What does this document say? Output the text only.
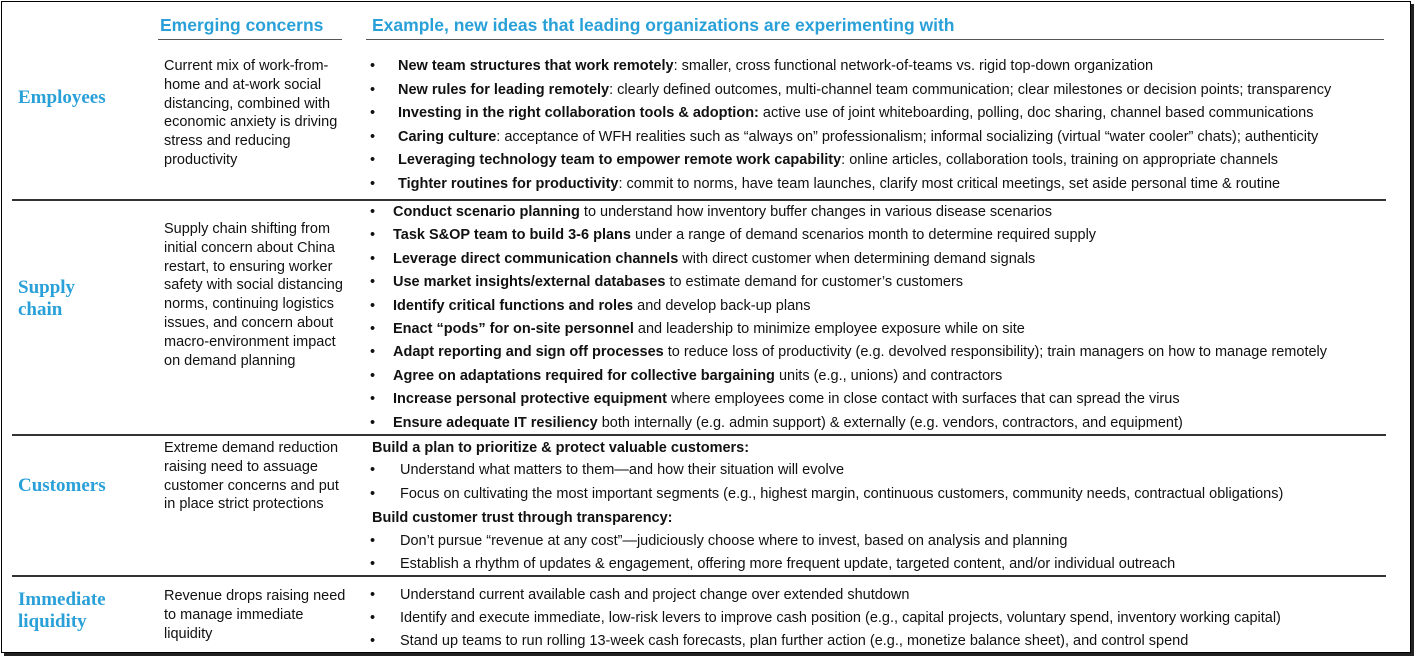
Emerging concerns	Example, new ideas that leading organizations are experimenting with
Employees
Current mix of work-from-home and at-work social distancing, combined with economic anxiety is driving stress and reducing productivity
• New team structures that work remotely: smaller, cross functional network-of-teams vs. rigid top-down organization
• New rules for leading remotely: clearly defined outcomes, multi-channel team communication; clear milestones or decision points; transparency
• Investing in the right collaboration tools & adoption: active use of joint whiteboarding, polling, doc sharing, channel based communications
• Caring culture: acceptance of WFH realities such as “always on” professionalism; informal socializing (virtual “water cooler” chats); authenticity
• Leveraging technology team to empower remote work capability: online articles, collaboration tools, training on appropriate channels
• Tighter routines for productivity: commit to norms, have team launches, clarify most critical meetings, set aside personal time & routine
Supply
chain
Supply chain shifting from initial concern about China restart, to ensuring worker safety with social distancing norms, continuing logistics issues, and concern about macro-environment impact on demand planning
• Conduct scenario planning to understand how inventory buffer changes in various disease scenarios
• Task S&OP team to build 3-6 plans under a range of demand scenarios month to determine required supply
• Leverage direct communication channels with direct customer when determining demand signals
• Use market insights/external databases to estimate demand for customer’s customers
• Identify critical functions and roles and develop back-up plans
• Enact “pods” for on-site personnel and leadership to minimize employee exposure while on site
• Adapt reporting and sign off processes to reduce loss of productivity (e.g. devolved responsibility); train managers on how to manage remotely
• Agree on adaptations required for collective bargaining units (e.g., unions) and contractors
• Increase personal protective equipment where employees come in close contact with surfaces that can spread the virus
• Ensure adequate IT resiliency both internally (e.g. admin support) & externally (e.g. vendors, contractors, and equipment)
Customers
Extreme demand reduction raising need to assuage customer concerns and put in place strict protections
Build a plan to prioritize & protect valuable customers:
• Understand what matters to them—and how their situation will evolve
• Focus on cultivating the most important segments (e.g., highest margin, continuous customers, community needs, contractual obligations)
Build customer trust through transparency:
• Don’t pursue “revenue at any cost”—judiciously choose where to invest, based on analysis and planning
• Establish a rhythm of updates & engagement, offering more frequent update, targeted content, and/or individual outreach
Immediate
liquidity
Revenue drops raising need to manage immediate liquidity
• Understand current available cash and project change over extended shutdown
• Identify and execute immediate, low-risk levers to improve cash position (e.g., capital projects, voluntary spend, inventory working capital)
• Stand up teams to run rolling 13-week cash forecasts, plan further action (e.g., monetize balance sheet), and control spend
